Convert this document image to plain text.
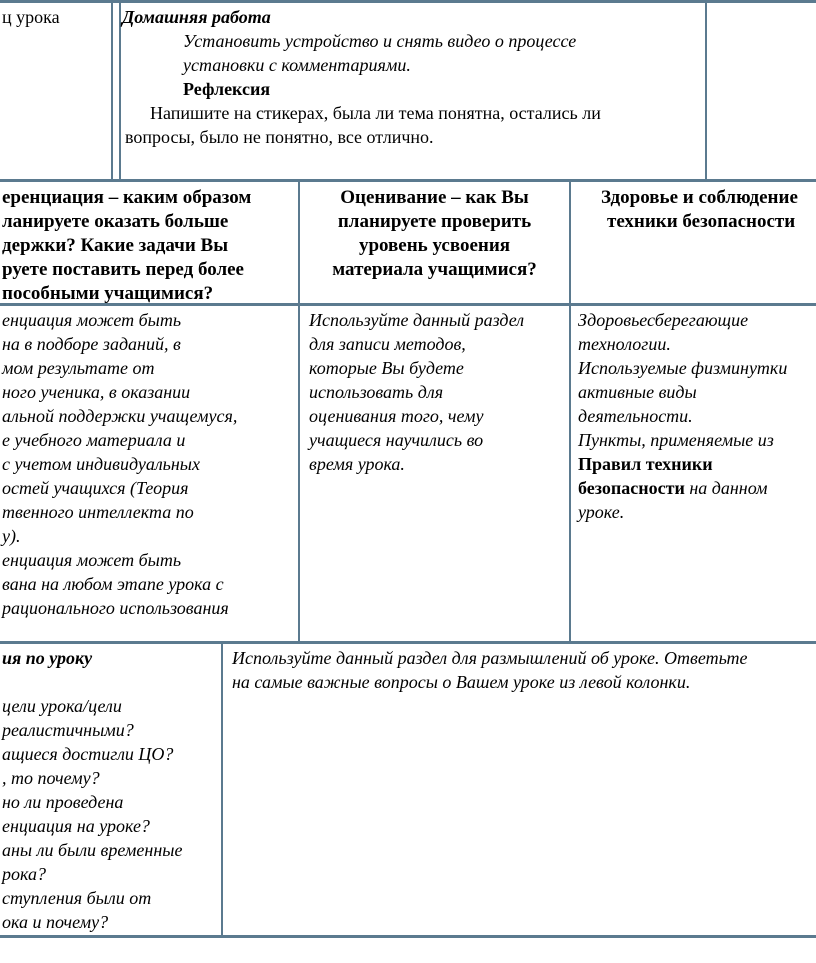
ц урока	Домашняя работа
Установить устройство и снять видео о процессе
установки с комментариями.
Рефлексия
Напишите на стикерах, была ли тема понятна, остались ли
вопросы, было не понятно, все отлично.
еренциация – каким образом
ланируете оказать больше
держки? Какие задачи Вы
руете поставить перед более
пособными учащимися?
Оценивание – как Вы
планируете проверить
уровень усвоения
материала учащимися?
Здоровье и соблюдение
техники безопасности
енциация может быть
на в подборе заданий, в
мом результате от
ного ученика, в оказании
альной поддержки учащемуся,
е учебного материала и
с учетом индивидуальных
остей учащихся (Теория
твенного интеллекта по
у).
енциация может быть
вана на любом этапе урока с
рационального использования
Используйте данный раздел
для записи методов,
которые Вы будете
использовать для
оценивания того, чему
учащиеся научились во
время урока.
Здоровьесберегающие
технологии.
Используемые физминутки
активные виды
деятельности.
Пункты, применяемые из
Правил техники
безопасности на данном
уроке.
ия по уроку
цели урока/цели
реалистичными?
ащиеся достигли ЦО?
, то почему?
но ли проведена
енциация на уроке?
аны ли были временные
рока?
ступления были от
ока и почему?
Используйте данный раздел для размышлений об уроке. Ответьте
на самые важные вопросы о Вашем уроке из левой колонки.
